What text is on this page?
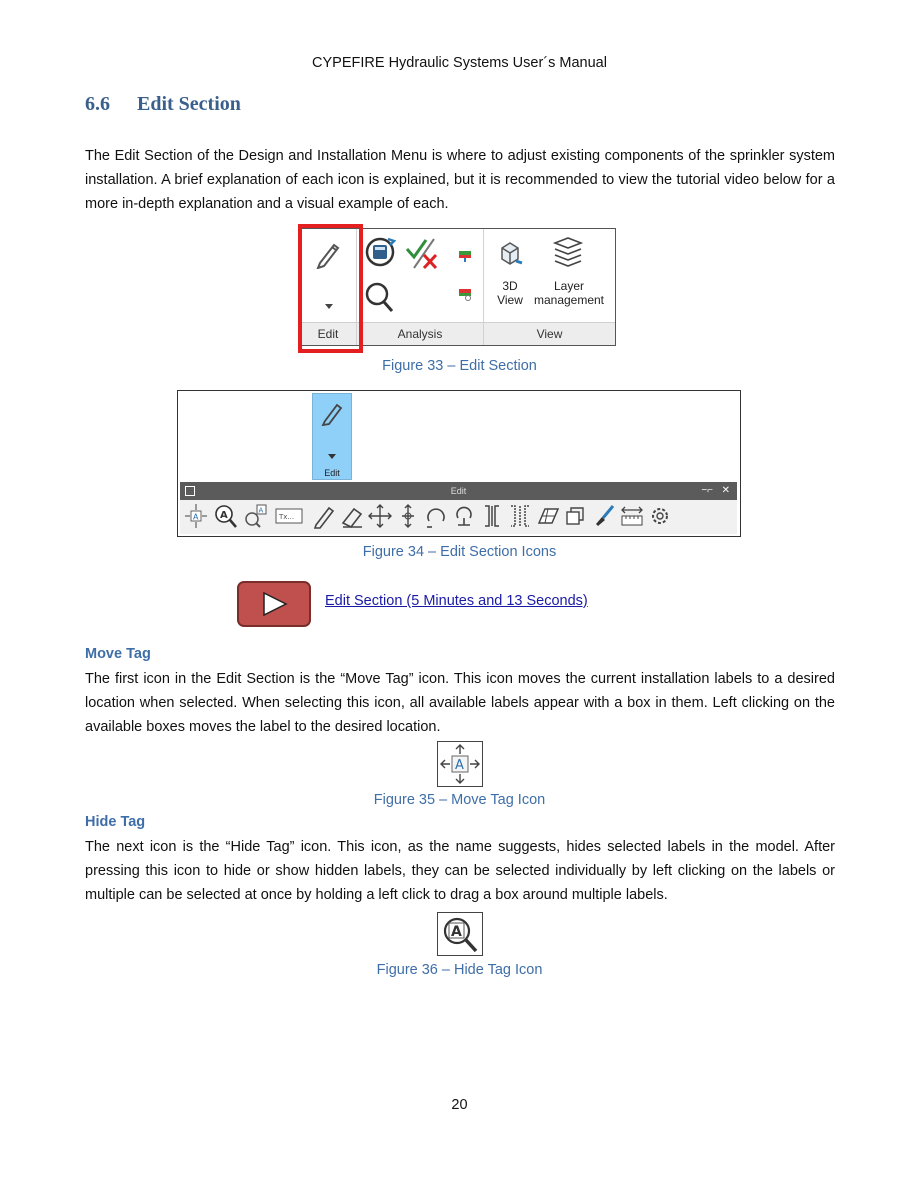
CYPEFIRE Hydraulic Systems User´s Manual
6.6 Edit Section
The Edit Section of the Design and Installation Menu is where to adjust existing components of the sprinkler system installation. A brief explanation of each icon is explained, but it is recommended to view the tutorial video below for a more in-depth explanation and a visual example of each.
3D
View
Layer
management
Edit	Analysis	View
Figure 33 – Edit Section
Edit
Edit	−⌐ ✕
A A	A
Tx...
Figure 34 – Edit Section Icons
Edit Section (5 Minutes and 13 Seconds)
Move Tag
The first icon in the Edit Section is the “Move Tag” icon. This icon moves the current installation labels to a desired location when selected. When selecting this icon, all available labels appear with a box in them. Left clicking on the available boxes moves the label to the desired location.
A
Figure 35 – Move Tag Icon
Hide Tag
The next icon is the “Hide Tag” icon. This icon, as the name suggests, hides selected labels in the model. After pressing this icon to hide or show hidden labels, they can be selected individually by left clicking on the labels or multiple can be selected at once by holding a left click to drag a box around multiple labels.
A
Figure 36 – Hide Tag Icon
20
